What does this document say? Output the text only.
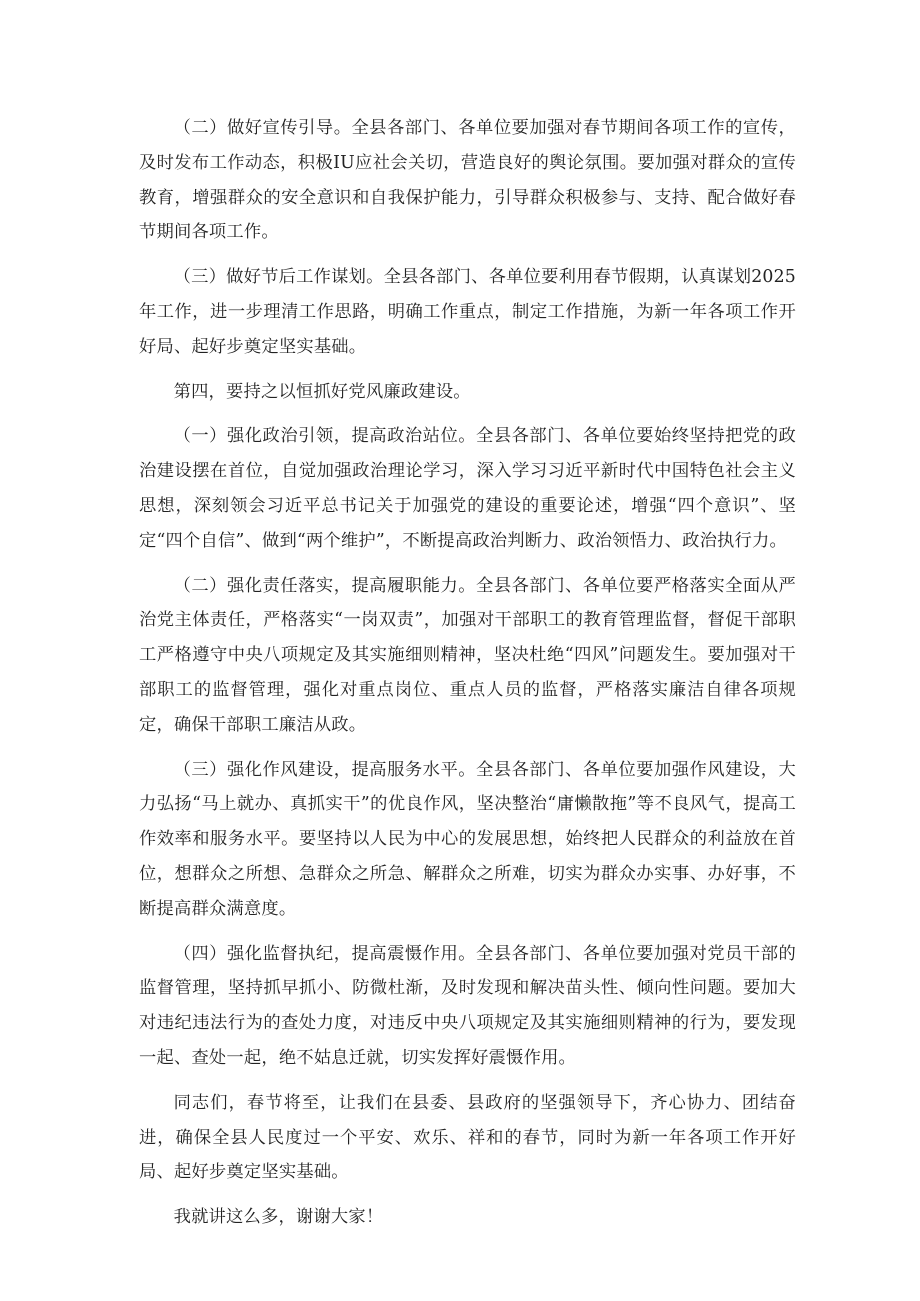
（二）做好宣传引导。全县各部门、各单位要加强对春节期间各项工作的宣传，及时发布工作动态，积极IU应社会关切，营造良好的舆论氛围。要加强对群众的宣传教育，增强群众的安全意识和自我保护能力，引导群众积极参与、支持、配合做好春节期间各项工作。

（三）做好节后工作谋划。全县各部门、各单位要利用春节假期，认真谋划2025年工作，进一步理清工作思路，明确工作重点，制定工作措施，为新一年各项工作开好局、起好步奠定坚实基础。

第四，要持之以恒抓好党风廉政建设。

（一）强化政治引领，提高政治站位。全县各部门、各单位要始终坚持把党的政治建设摆在首位，自觉加强政治理论学习，深入学习习近平新时代中国特色社会主义思想，深刻领会习近平总书记关于加强党的建设的重要论述，增强“四个意识”、坚定“四个自信”、做到“两个维护”，不断提高政治判断力、政治领悟力、政治执行力。

（二）强化责任落实，提高履职能力。全县各部门、各单位要严格落实全面从严治党主体责任，严格落实“一岗双责”，加强对干部职工的教育管理监督，督促干部职工严格遵守中央八项规定及其实施细则精神，坚决杜绝“四风”问题发生。要加强对干部职工的监督管理，强化对重点岗位、重点人员的监督，严格落实廉洁自律各项规定，确保干部职工廉洁从政。

（三）强化作风建设，提高服务水平。全县各部门、各单位要加强作风建设，大力弘扬“马上就办、真抓实干”的优良作风，坚决整治“庸懒散拖”等不良风气，提高工作效率和服务水平。要坚持以人民为中心的发展思想，始终把人民群众的利益放在首位，想群众之所想、急群众之所急、解群众之所难，切实为群众办实事、办好事，不断提高群众满意度。

（四）强化监督执纪，提高震慑作用。全县各部门、各单位要加强对党员干部的监督管理，坚持抓早抓小、防微杜渐，及时发现和解决苗头性、倾向性问题。要加大对违纪违法行为的查处力度，对违反中央八项规定及其实施细则精神的行为，要发现一起、查处一起，绝不姑息迁就，切实发挥好震慑作用。

同志们，春节将至，让我们在县委、县政府的坚强领导下，齐心协力、团结奋进，确保全县人民度过一个平安、欢乐、祥和的春节，同时为新一年各项工作开好局、起好步奠定坚实基础。

我就讲这么多，谢谢大家！
